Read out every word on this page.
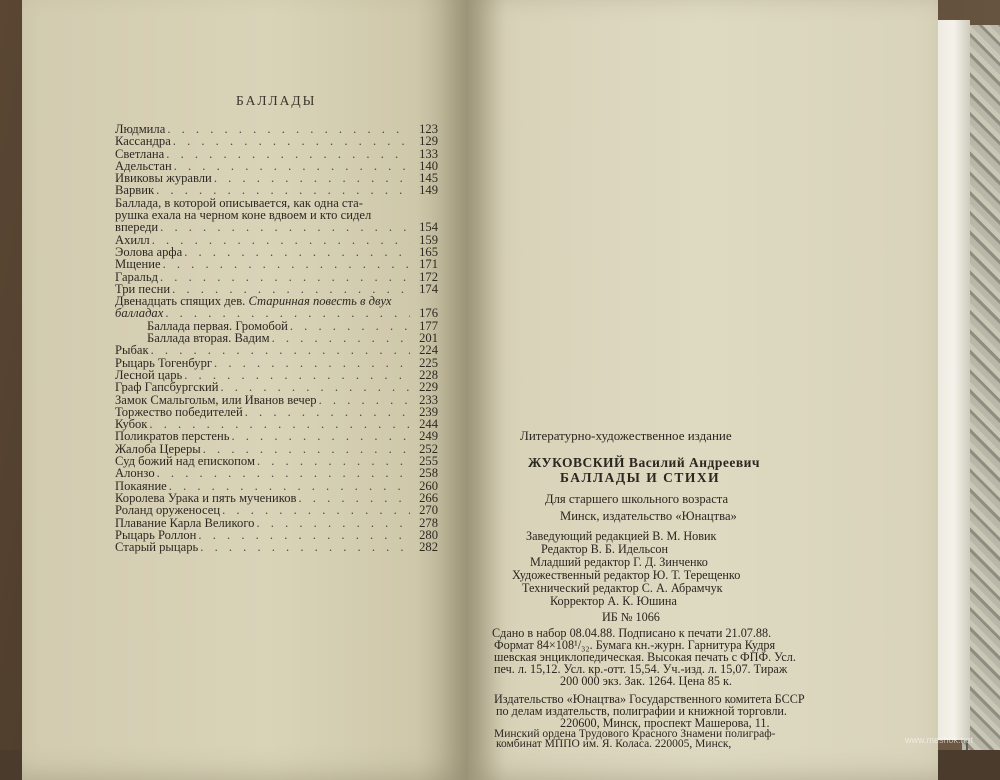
БАЛЛАДЫ
Людмила . . .	123
Кассандра . . .	129
Светлана . . .	133
Адельстан . . .	140
Ивиковы журавли . . .	145
Варвик . . .	149
Баллада, в которой описывается, как одна ста-
рушка ехала на черном коне вдвоем и кто сидел
впереди . . .	154
Ахилл . . .	159
Эолова арфа . . .	165
Мщение . . .	171
Гаральд . . .	172
Три песни . . .	174
Двенадцать спящих дев. Старинная повесть в двух
балладах . . .	176
Баллада первая. Громобой . . .	177
Баллада вторая. Вадим . . .	201
Рыбак . . .	224
Рыцарь Тогенбург . . .	225
Лесной царь . . .	228
Граф Гапсбургский . . .	229
Замок Смальгольм, или Иванов вечер . . .	233
Торжество победителей . . .	239
Кубок . . .	244
Поликратов перстень . . .	249
Жалоба Цереры . . .	252
Суд божий над епископом . . .	255
Алонзо . . .	258
Покаяние . . .	260
Королева Урака и пять мучеников . . .	266
Роланд оруженосец . . .	270
Плавание Карла Великого . . .	278
Рыцарь Роллон . . .	280
Старый рыцарь . . .	282
Литературно-художественное издание
ЖУКОВСКИЙ Василий Андреевич
БАЛЛАДЫ И СТИХИ
Для старшего школьного возраста
Минск, издательство «Юнацтва»
Заведующий редакцией В. М. Новик
Редактор В. Б. Идельсон
Младший редактор Г. Д. Зинченко
Художественный редактор Ю. Т. Терещенко
Технический редактор С. А. Абрамчук
Корректор А. К. Юшина
ИБ № 1066
Сдано в набор 08.04.88. Подписано к печати 21.07.88.
Формат 84×108¹/₃₂. Бумага кн.-журн. Гарнитура Кудря
шевская энциклопедическая. Высокая печать с ФПФ. Усл.
печ. л. 15,12. Усл. кр.-отт. 15,54. Уч.-изд. л. 15,07. Тираж
200 000 экз. Зак. 1264. Цена 85 к.
Издательство «Юнацтва» Государственного комитета БССР
по делам издательств, полиграфии и книжной торговли.
220600, Минск, проспект Машерова, 11.
Минский ордена Трудового Красного Знамени полиграф-
комбинат МППО им. Я. Коласа. 220005, Минск,	www.meshok.net
